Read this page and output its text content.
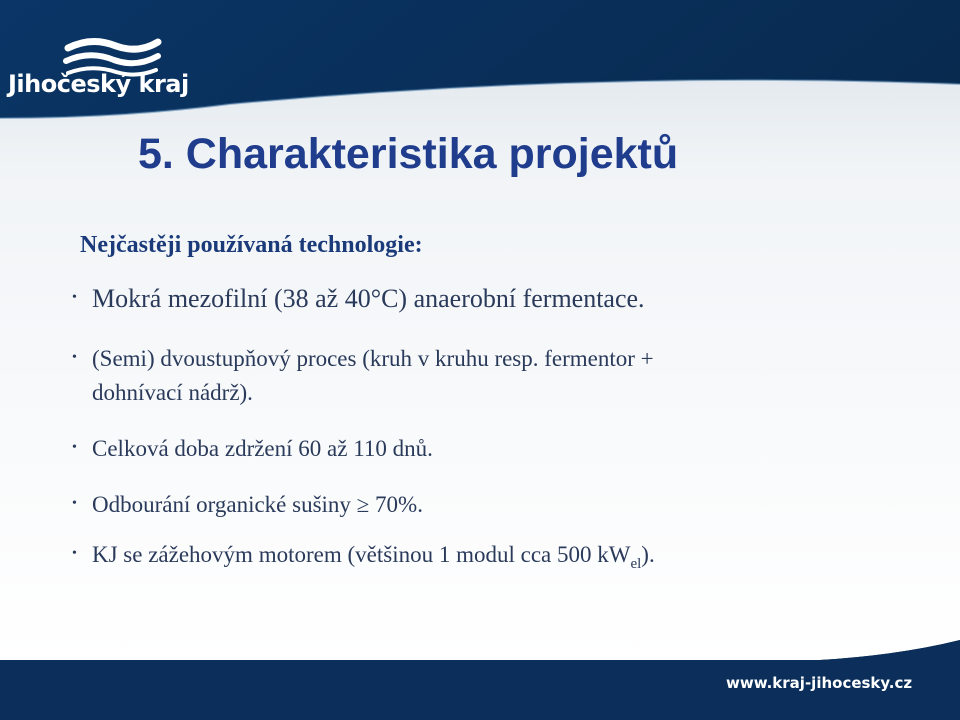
Jihočeský kraj
5. Charakteristika projektů
Nejčastěji používaná technologie:
• Mokrá mezofilní (38 až 40°C) anaerobní fermentace.
• (Semi) dvoustupňový proces (kruh v kruhu resp. fermentor +
dohnívací nádrž).
• Celková doba zdržení 60 až 110 dnů.
• Odbourání organické sušiny ≥ 70%.
• KJ se zážehovým motorem (většinou 1 modul cca 500 $kW_{el}$).
www.kraj-jihocesky.cz
